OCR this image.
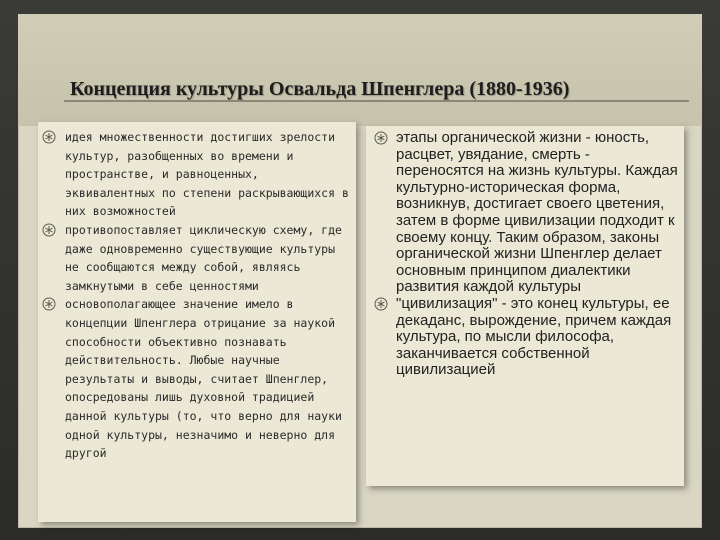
Концепция культуры Освальда Шпенглера (1880-1936)
идея множественности достигших зрелости культур, разобщенных во времени и пространстве, и равноценных, эквивалентных по степени раскрывающихся в них возможностей
противопоставляет циклическую схему, где даже одновременно существующие культуры не сообщаются между собой, являясь замкнутыми в себе ценностями
основополагающее значение имело в концепции Шпенглера отрицание за наукой способности объективно познавать действительность. Любые научные результаты и выводы, считает Шпенглер, опосредованы лишь духовной традицией данной культуры (то, что верно для науки одной культуры, незначимо и неверно для другой
этапы органической жизни - юность, расцвет, увядание, смерть - переносятся на жизнь культуры. Каждая культурно-историческая форма, возникнув, достигает своего цветения, затем в форме цивилизации подходит к своему концу. Таким образом, законы органической жизни Шпенглер делает основным принципом диалектики развития каждой культуры
"цивилизация" - это конец культуры, ее декаданс, вырождение, причем каждая культура, по мысли философа, заканчивается собственной цивилизацией
